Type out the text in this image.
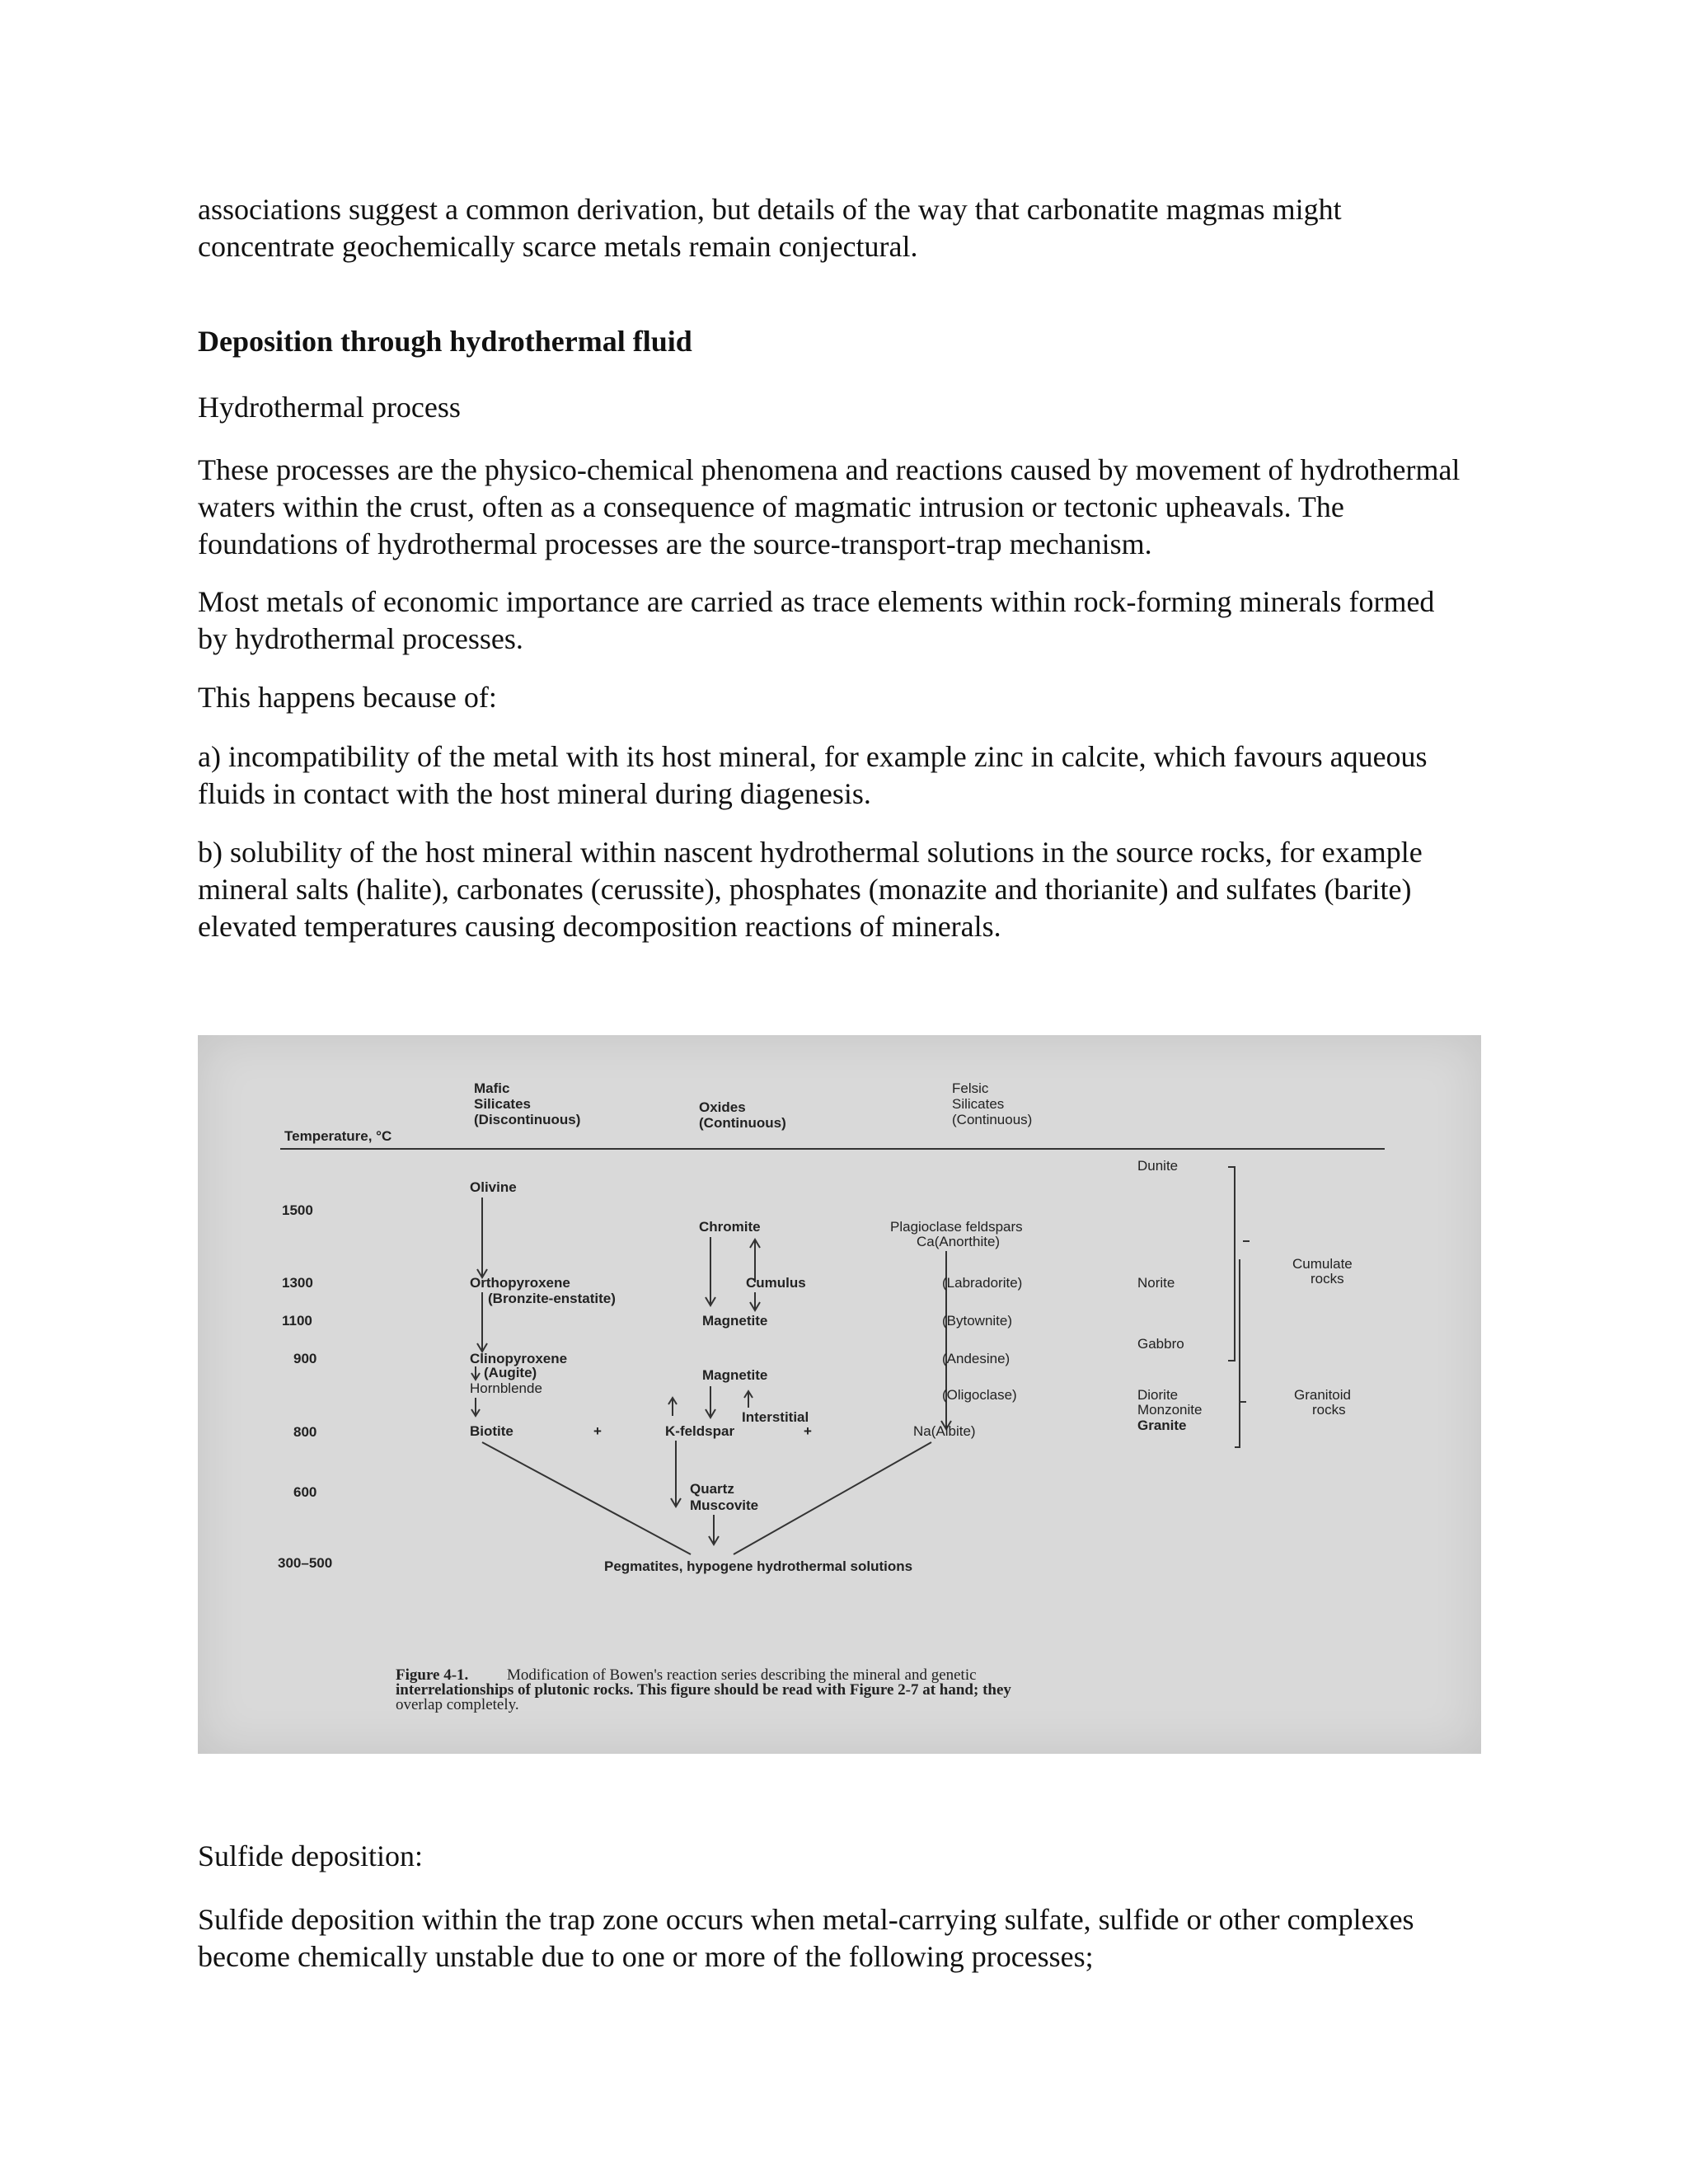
associations suggest a common derivation, but details of the way that carbonatite magmas might

concentrate geochemically scarce metals remain conjectural.

Deposition through hydrothermal fluid
Hydrothermal process

These processes are the physico-chemical phenomena and reactions caused by movement of hydrothermal

waters within the crust, often as a consequence of magmatic intrusion or tectonic upheavals. The

foundations of hydrothermal processes are the source-transport-trap mechanism.

Most metals of economic importance are carried as trace elements within rock-forming minerals formed

by hydrothermal processes.

This happens because of:

a) incompatibility of the metal with its host mineral, for example zinc in calcite, which favours aqueous

fluids in contact with the host mineral during diagenesis.

b) solubility of the host mineral within nascent hydrothermal solutions in the source rocks, for example

mineral salts (halite), carbonates (cerussite), phosphates (monazite and thorianite) and sulfates (barite)

elevated temperatures causing decomposition reactions of minerals.

Mafic
Silicates
(Discontinuous)
Oxides
(Continuous)
Felsic
Silicates
(Continuous)
Temperature, °C
1500
1300
1100
900
800
600
300–500
Olivine
Orthopyroxene
(Bronzite-enstatite)
Clinopyroxene
(Augite)
Hornblende
Biotite	+
Chromite
Cumulus
Magnetite
Magnetite
Interstitial
K-feldspar	+
Quartz
Muscovite
Plagioclase feldspars
Ca(Anorthite)
(Labradorite)
(Bytownite)
(Andesine)
(Oligoclase)
Na(Albite)
Pegmatites, hypogene hydrothermal solutions
Dunite
Norite
Gabbro
Diorite
Monzonite
Granite
Cumulate
rocks
Granitoid
rocks
Figure 4-1. Modification of Bowen's reaction series describing the mineral and genetic
interrelationships of plutonic rocks. This figure should be read with Figure 2-7 at hand; they
overlap completely.
Sulfide deposition:

Sulfide deposition within the trap zone occurs when metal-carrying sulfate, sulfide or other complexes

become chemically unstable due to one or more of the following processes;
